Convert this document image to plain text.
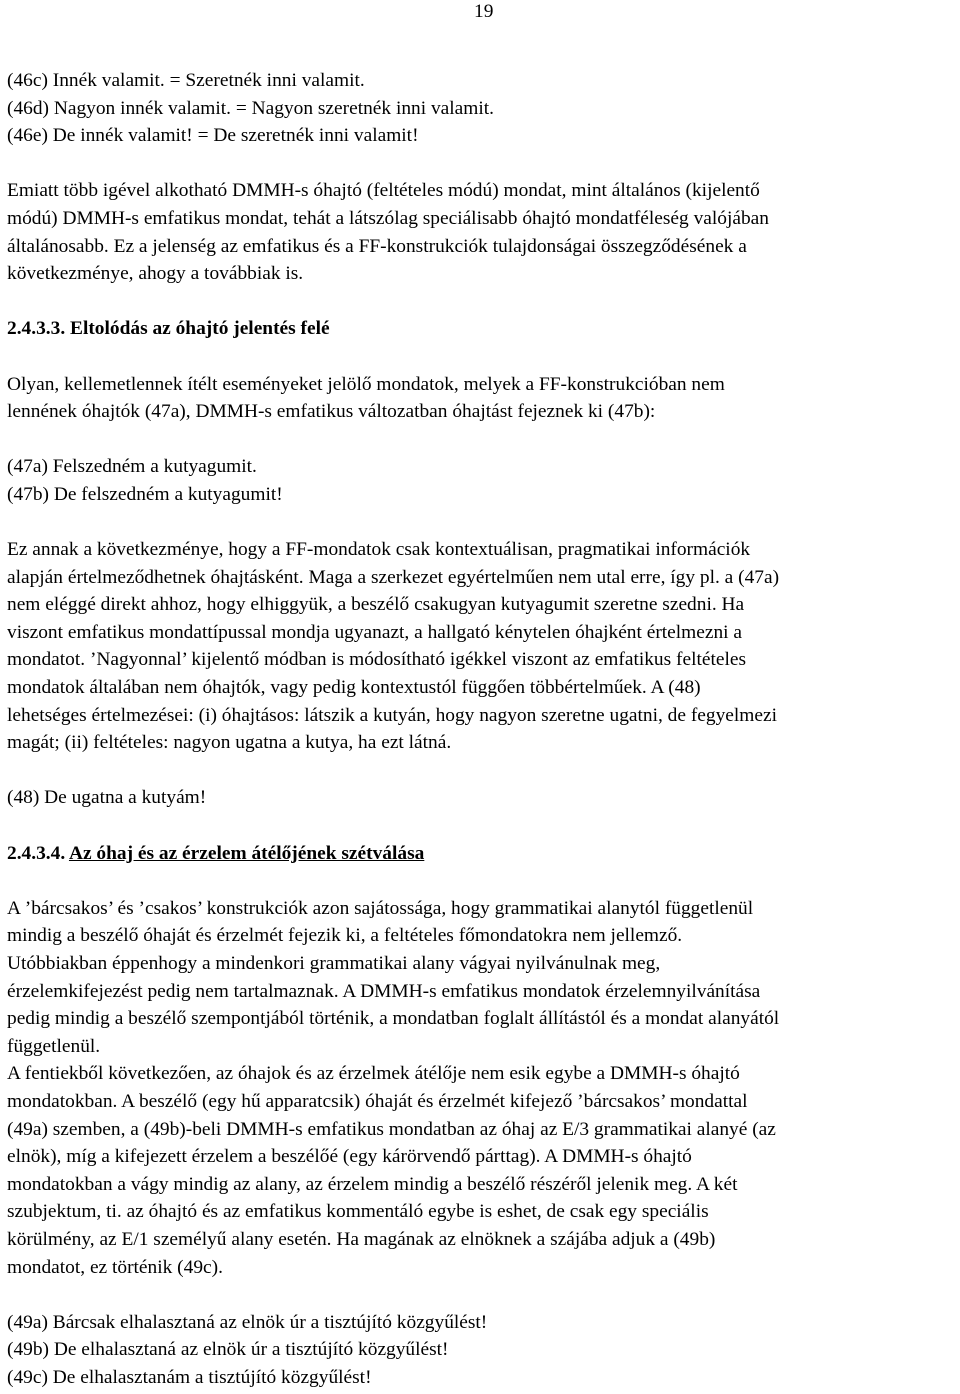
19
(46c) Innék valamit. = Szeretnék inni valamit.
(46d) Nagyon innék valamit. = Nagyon szeretnék inni valamit.
(46e) De innék valamit! = De szeretnék inni valamit!
Emiatt több igével alkotható DMMH-s óhajtó (feltételes módú) mondat, mint általános (kijelentő
módú) DMMH-s emfatikus mondat, tehát a látszólag speciálisabb óhajtó mondatféleség valójában
általánosabb. Ez a jelenség az emfatikus és a FF-konstrukciók tulajdonságai összegződésének a
következménye, ahogy a továbbiak is.
2.4.3.3. Eltolódás az óhajtó jelentés felé
Olyan, kellemetlennek ítélt eseményeket jelölő mondatok, melyek a FF-konstrukcióban nem
lennének óhajtók (47a), DMMH-s emfatikus változatban óhajtást fejeznek ki (47b):
(47a) Felszedném a kutyagumit.
(47b) De felszedném a kutyagumit!
Ez annak a következménye, hogy a FF-mondatok csak kontextuálisan, pragmatikai információk
alapján értelmeződhetnek óhajtásként. Maga a szerkezet egyértelműen nem utal erre, így pl. a (47a)
nem eléggé direkt ahhoz, hogy elhiggyük, a beszélő csakugyan kutyagumit szeretne szedni. Ha
viszont emfatikus mondattípussal mondja ugyanazt, a hallgató kénytelen óhajként értelmezni a
mondatot. ’Nagyonnal’ kijelentő módban is módosítható igékkel viszont az emfatikus feltételes
mondatok általában nem óhajtók, vagy pedig kontextustól függően többértelműek. A (48)
lehetséges értelmezései: (i) óhajtásos: látszik a kutyán, hogy nagyon szeretne ugatni, de fegyelmezi
magát; (ii) feltételes: nagyon ugatna a kutya, ha ezt látná.
(48) De ugatna a kutyám!
2.4.3.4. Az óhaj és az érzelem átélőjének szétválása
A ’bárcsakos’ és ’csakos’ konstrukciók azon sajátossága, hogy grammatikai alanytól függetlenül
mindig a beszélő óhaját és érzelmét fejezik ki, a feltételes főmondatokra nem jellemző.
Utóbbiakban éppenhogy a mindenkori grammatikai alany vágyai nyilvánulnak meg,
érzelemkifejezést pedig nem tartalmaznak. A DMMH-s emfatikus mondatok érzelemnyilvánítása
pedig mindig a beszélő szempontjából történik, a mondatban foglalt állítástól és a mondat alanyától
függetlenül.
A fentiekből következően, az óhajok és az érzelmek átélője nem esik egybe a DMMH-s óhajtó
mondatokban. A beszélő (egy hű apparatcsik) óhaját és érzelmét kifejező ’bárcsakos’ mondattal
(49a) szemben, a (49b)-beli DMMH-s emfatikus mondatban az óhaj az E/3 grammatikai alanyé (az
elnök), míg a kifejezett érzelem a beszélőé (egy kárörvendő párttag). A DMMH-s óhajtó
mondatokban a vágy mindig az alany, az érzelem mindig a beszélő részéről jelenik meg. A két
szubjektum, ti. az óhajtó és az emfatikus kommentáló egybe is eshet, de csak egy speciális
körülmény, az E/1 személyű alany esetén. Ha magának az elnöknek a szájába adjuk a (49b)
mondatot, ez történik (49c).
(49a) Bárcsak elhalasztaná az elnök úr a tisztújító közgyűlést!
(49b) De elhalasztaná az elnök úr a tisztújító közgyűlést!
(49c) De elhalasztanám a tisztújító közgyűlést!
